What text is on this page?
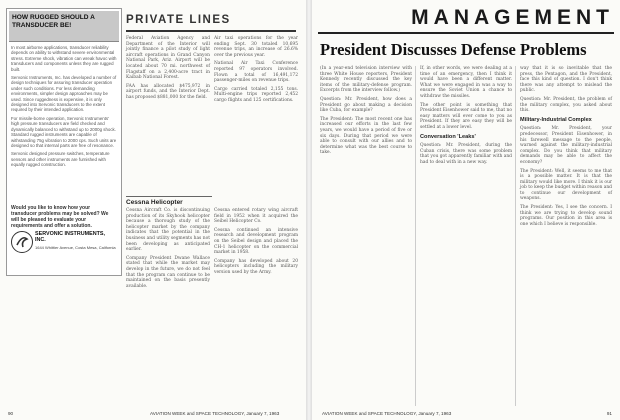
HOW RUGGED SHOULD A TRANSDUCER BE!

In most airborne applications, transducer reliability depends on ability to withstand severe environmental stress. Extreme shock, vibration can wreak havoc with transducers and components unless they are rugged built.

Servonic Instruments, Inc. has developed a number of design techniques for assuring transducer operation under such conditions. For less demanding environments, simpler design approaches may be used. Since ruggedness is expensive, it is only designed into Servonic transducers to the extent required by their intended application.

For missile-borne operation, Servonic Instruments' high pressure transducers are field checked and dynamically balanced to withstand up to 2000g shock. Standard rugged instruments are capable of withstanding 75g vibration to 2000 cps. Such units are designed so that internal parts are free of resonance.

Servonic designed pressure switches, temperature sensors and other instruments are furnished with equally rugged construction.

Would you like to know how your transducer problems may be solved? We will be pleased to evaluate your requirements and offer a solution.
SERVONIC INSTRUMENTS, INC.
1644 Whittier Avenue, Costa Mesa, California
PRIVATE LINES

Federal Aviation Agency and Department of the Interior will jointly finance a pilot study of light aircraft operations in Grand Canyon National Park, Ariz. Airport will be located about 70 mi. northwest of Flagstaff on a 2,400-acre tract in Kaibab National Forest.

FAA has allocated $475,972 in airport funds, and the Interior Dept. has proposed $881,000 for the field.

Air taxi operations for the year ending Sept. 30 totaled 10,695 revenue trips, an increase of 26.6% over the previous year.

National Air Taxi Conference reported 97 operators involved. Flown a total of 16,491,172 passenger-miles on revenue trips.

Cargo carried totaled 2,155 tons. Multi-engine trips reported 2,452 cargo flights and 125 certifications.

Cessna Helicopter

Cessna Aircraft Co. is discontinuing production of its Skyhook helicopter because a thorough study of the helicopter market by the company indicates that the potential in the business and utility segments has not been developing as anticipated earlier.

Company President Dwane Wallace stated that while the market may develop in the future, we do not feel that the program can continue to be maintained on the basis presently available.

Cessna entered rotary wing aircraft field in 1952 when it acquired the Seibel Helicopter Co.

Cessna continued an intensive research and development program on the Seibel design and placed the CH-1 helicopter on the commercial market in 1958.

Company has developed about 20 helicopters including the military version used by the Army.

90	AVIATION WEEK and SPACE TECHNOLOGY, January 7, 1963
MANAGEMENT
President Discusses Defense Problems

(In a year-end television interview with three White House reporters, President Kennedy recently discussed the key items of the military-defense program. Excerpts from the interview follow.)

Question: Mr. President, how does a President go about making a decision like Cuba, for example?

The President: The most recent one has increased our efforts in the last few years, we would have a period of five or six days. During that period we were able to consult with our allies and to determine what was the best course to take.

If, in other words, we were dealing at a time of an emergency, then I think it would have been a different matter. What we were engaged in was a way to ensure the Soviet Union a chance to withdraw the missiles.

The other point is something that President Eisenhower said to me, that no easy matters will ever come to you as President. If they are easy they will be settled at a lower level.

Conversation 'Leaks'

Question: Mr. President, during the Cuban crisis, there was some problem that you got apparently familiar with and had to deal with in a new way.

way that it is so inevitable that the press, the Pentagon, and the President, face this kind of question. I don't think there was any attempt to mislead the public.

Question: Mr. President, the problem of the military complex, you asked about this.

Military-Industrial Complex

Question: Mr. President, your predecessor, President Eisenhower, in his farewell message to the people, warned against the military-industrial complex. Do you think that military demands may be able to affect the economy?

The President: Well, it seems to me that is a possible matter. It is that the military would like more. I think it is our job to keep the budget within reason and to continue our development of weapons.

The President: Yes, I see the concern. I think we are trying to develop sound programs. Our position in this area is one which I believe is responsible.

AVIATION WEEK and SPACE TECHNOLOGY, January 7, 1963	91
